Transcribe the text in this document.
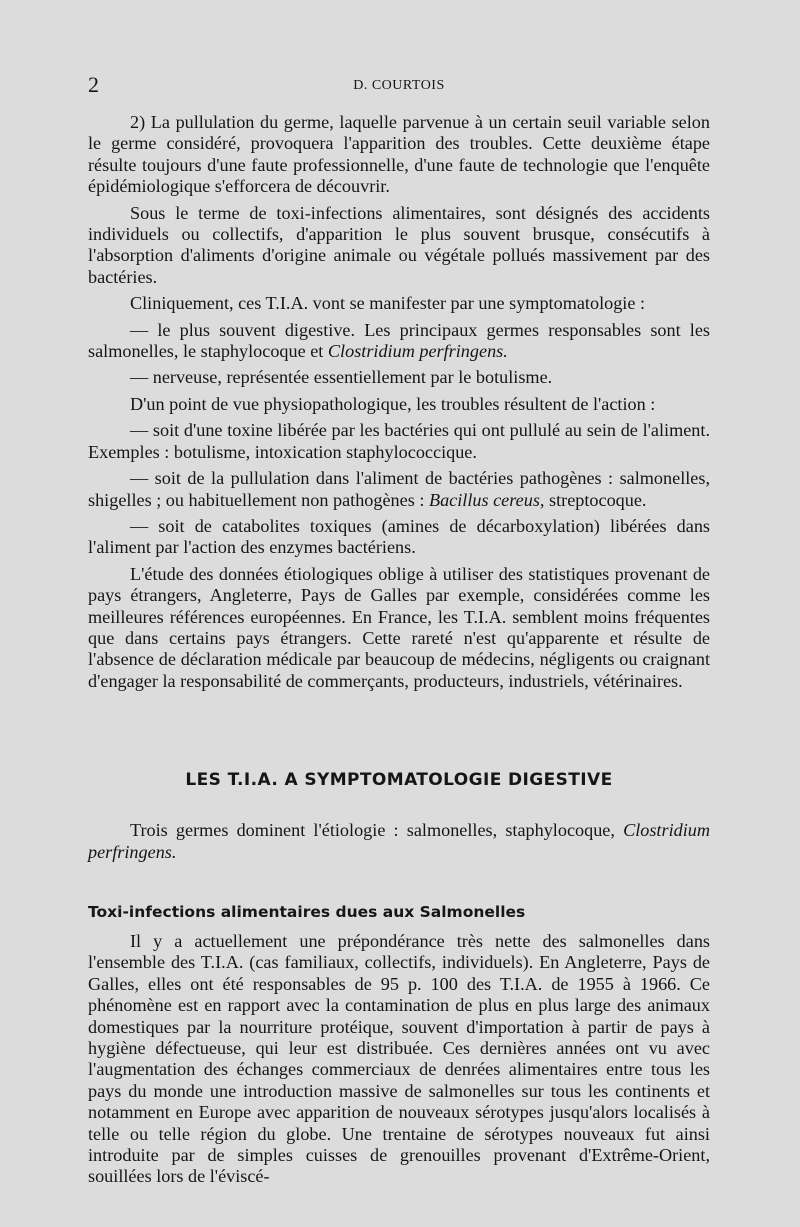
2	D. COURTOIS

2) La pullulation du germe, laquelle parvenue à un certain seuil variable selon le germe considéré, provoquera l'apparition des troubles. Cette deuxième étape résulte toujours d'une faute professionnelle, d'une faute de technologie que l'enquête épidémiologique s'efforcera de découvrir.

Sous le terme de toxi-infections alimentaires, sont désignés des accidents individuels ou collectifs, d'apparition le plus souvent brusque, consécutifs à l'absorption d'aliments d'origine animale ou végétale pollués massivement par des bactéries.

Cliniquement, ces T.I.A. vont se manifester par une symptomatologie :

— le plus souvent digestive. Les principaux germes responsables sont les salmonelles, le staphylocoque et Clostridium perfringens.

— nerveuse, représentée essentiellement par le botulisme.

D'un point de vue physiopathologique, les troubles résultent de l'action :

— soit d'une toxine libérée par les bactéries qui ont pullulé au sein de l'aliment. Exemples : botulisme, intoxication staphylococcique.

— soit de la pullulation dans l'aliment de bactéries pathogènes : salmonelles, shigelles ; ou habituellement non pathogènes : Bacillus cereus, streptocoque.

— soit de catabolites toxiques (amines de décarboxylation) libérées dans l'aliment par l'action des enzymes bactériens.

L'étude des données étiologiques oblige à utiliser des statistiques provenant de pays étrangers, Angleterre, Pays de Galles par exemple, considérées comme les meilleures références européennes. En France, les T.I.A. semblent moins fréquentes que dans certains pays étrangers. Cette rareté n'est qu'apparente et résulte de l'absence de déclaration médicale par beaucoup de médecins, négligents ou craignant d'engager la responsabilité de commerçants, producteurs, industriels, vétérinaires.

LES T.I.A. A SYMPTOMATOLOGIE DIGESTIVE

Trois germes dominent l'étiologie : salmonelles, staphylocoque, Clostridium perfringens.

Toxi-infections alimentaires dues aux Salmonelles

Il y a actuellement une prépondérance très nette des salmonelles dans l'ensemble des T.I.A. (cas familiaux, collectifs, individuels). En Angleterre, Pays de Galles, elles ont été responsables de 95 p. 100 des T.I.A. de 1955 à 1966. Ce phénomène est en rapport avec la contamination de plus en plus large des animaux domestiques par la nourriture protéique, souvent d'importation à partir de pays à hygiène défectueuse, qui leur est distribuée. Ces dernières années ont vu avec l'augmentation des échanges commerciaux de denrées alimentaires entre tous les pays du monde une introduction massive de salmonelles sur tous les continents et notamment en Europe avec apparition de nouveaux sérotypes jusqu'alors localisés à telle ou telle région du globe. Une trentaine de sérotypes nouveaux fut ainsi introduite par de simples cuisses de grenouilles provenant d'Extrême-Orient, souillées lors de l'éviscé-
